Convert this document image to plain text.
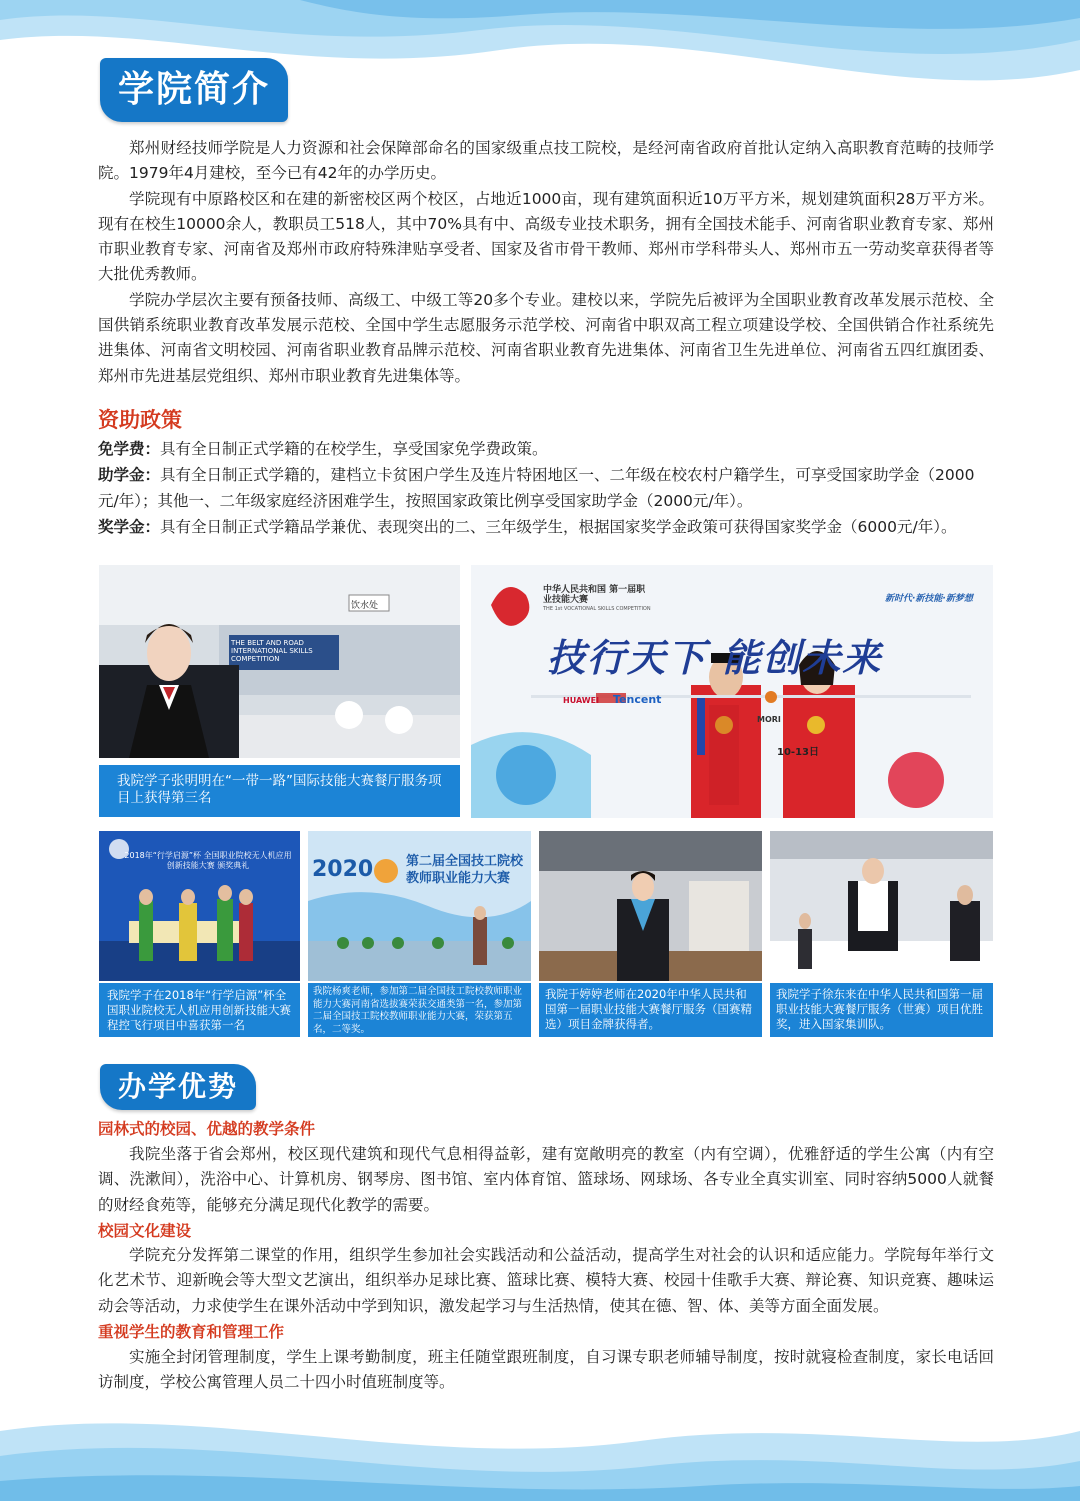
学院简介

郑州财经技师学院是人力资源和社会保障部命名的国家级重点技工院校，是经河南省政府首批认定纳入高职教育范畴的技师学院。1979年4月建校，至今已有42年的办学历史。

学院现有中原路校区和在建的新密校区两个校区，占地近1000亩，现有建筑面积近10万平方米，规划建筑面积28万平方米。现有在校生10000余人，教职员工518人，其中70%具有中、高级专业技术职务，拥有全国技术能手、河南省职业教育专家、郑州市职业教育专家、河南省及郑州市政府特殊津贴享受者、国家及省市骨干教师、郑州市学科带头人、郑州市五一劳动奖章获得者等大批优秀教师。

学院办学层次主要有预备技师、高级工、中级工等20多个专业。建校以来，学院先后被评为全国职业教育改革发展示范校、全国供销系统职业教育改革发展示范校、全国中学生志愿服务示范学校、河南省中职双高工程立项建设学校、全国供销合作社系统先进集体、河南省文明校园、河南省职业教育品牌示范校、河南省职业教育先进集体、河南省卫生先进单位、河南省五四红旗团委、郑州市先进基层党组织、郑州市职业教育先进集体等。

资助政策

免学费：具有全日制正式学籍的在校学生，享受国家免学费政策。

助学金：具有全日制正式学籍的，建档立卡贫困户学生及连片特困地区一、二年级在校农村户籍学生，可享受国家助学金（2000元/年）；其他一、二年级家庭经济困难学生，按照国家政策比例享受国家助学金（2000元/年）。

奖学金：具有全日制正式学籍品学兼优、表现突出的二、三年级学生，根据国家奖学金政策可获得国家奖学金（6000元/年）。

THE BELT AND ROAD INTERNATIONAL SKILLS COMPETITION
饮水处
我院学子张明明在“一带一路”国际技能大赛餐厅服务项目上获得第三名
中华人民共和国 第一届职业技能大赛
THE 1st VOCATIONAL SKILLS COMPETITION
新时代·新技能·新梦想
技行天下 能创未来
HUAWEI Tencent
MORI
10-13日
2018年“行学启源”杯 全国职业院校无人机应用创新技能大赛 颁奖典礼
我院学子在2018年“行学启源”杯全国职业院校无人机应用创新技能大赛程控飞行项目中喜获第一名
2020	第二届全国技工院校 教师职业能力大赛
我院杨爽老师，参加第二届全国技工院校教师职业能力大赛河南省选拔赛荣获交通类第一名，参加第二届全国技工院校教师职业能力大赛，荣获第五名，二等奖。
我院于婷婷老师在2020年中华人民共和国第一届职业技能大赛餐厅服务（国赛精选）项目金牌获得者。
我院学子徐东来在中华人民共和国第一届职业技能大赛餐厅服务（世赛）项目优胜奖，进入国家集训队。
办学优势
园林式的校园、优越的教学条件

我院坐落于省会郑州，校区现代建筑和现代气息相得益彰，建有宽敞明亮的教室（内有空调），优雅舒适的学生公寓（内有空调、洗漱间），洗浴中心、计算机房、钢琴房、图书馆、室内体育馆、篮球场、网球场、各专业全真实训室、同时容纳5000人就餐的财经食苑等，能够充分满足现代化教学的需要。

校园文化建设

学院充分发挥第二课堂的作用，组织学生参加社会实践活动和公益活动，提高学生对社会的认识和适应能力。学院每年举行文化艺术节、迎新晚会等大型文艺演出，组织举办足球比赛、篮球比赛、模特大赛、校园十佳歌手大赛、辩论赛、知识竞赛、趣味运动会等活动，力求使学生在课外活动中学到知识，激发起学习与生活热情，使其在德、智、体、美等方面全面发展。

重视学生的教育和管理工作

实施全封闭管理制度，学生上课考勤制度，班主任随堂跟班制度，自习课专职老师辅导制度，按时就寝检查制度，家长电话回访制度，学校公寓管理人员二十四小时值班制度等。
